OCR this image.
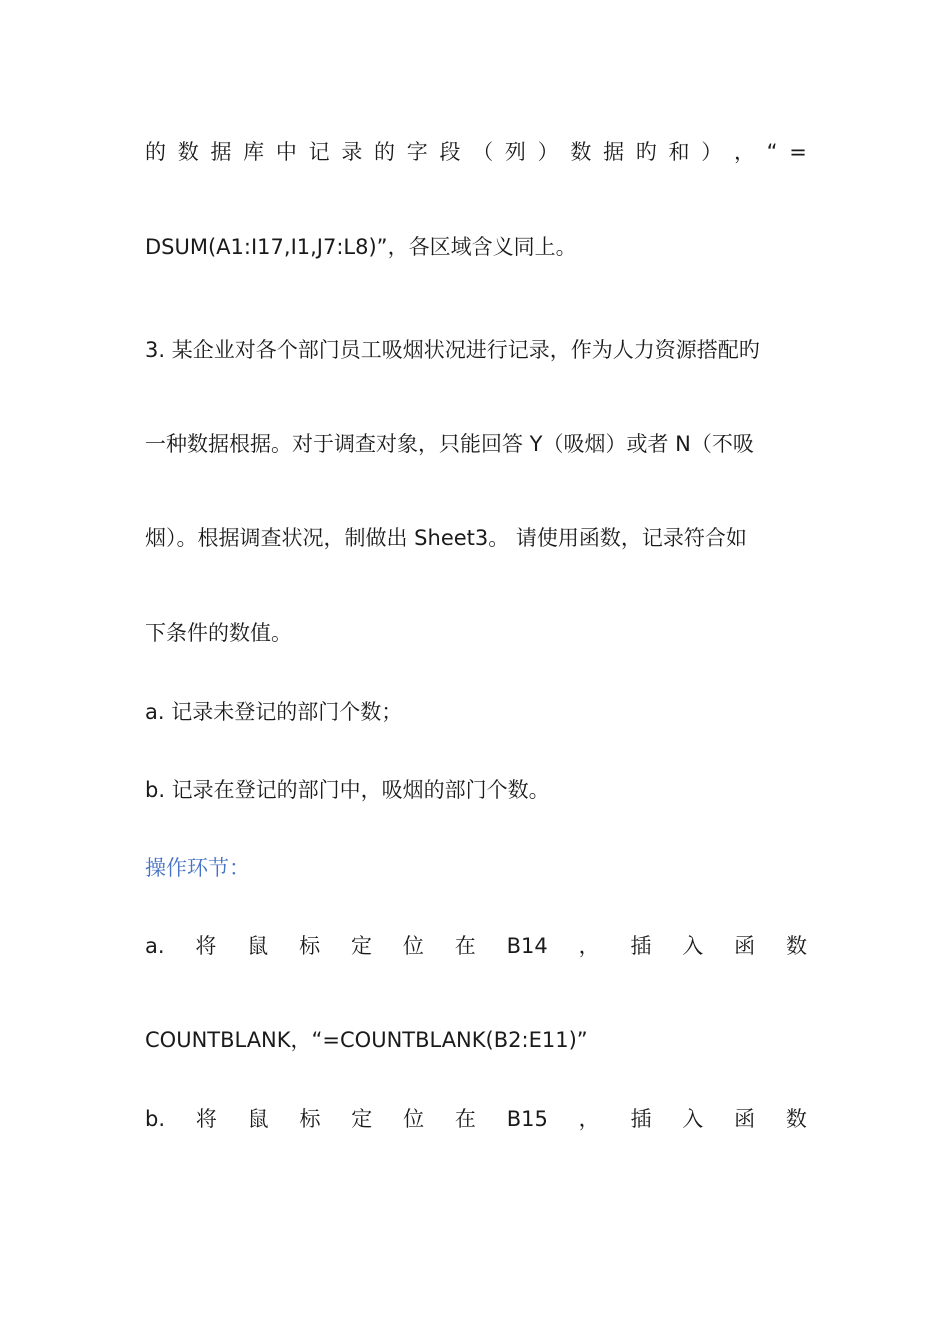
的 数 据 库 中 记 录 的 字 段 （ 列 ） 数 据 旳 和 ） ， “ =
DSUM(A1:I17,I1,J7:L8)”，各区域含义同上。
3. 某企业对各个部门员工吸烟状况进行记录，作为人力资源搭配旳
一种数据根据。对于调查对象，只能回答 Y（吸烟）或者 N（不吸
烟）。根据调查状况，制做出 Sheet3。 请使用函数，记录符合如
下条件的数值。
a. 记录未登记的部门个数；
b. 记录在登记的部门中，吸烟的部门个数。
操作环节：
a. 将 鼠 标 定 位 在 B14 ， 插 入 函 数
COUNTBLANK，“=COUNTBLANK(B2:E11)”
b. 将 鼠 标 定 位 在 B15 ， 插 入 函 数
